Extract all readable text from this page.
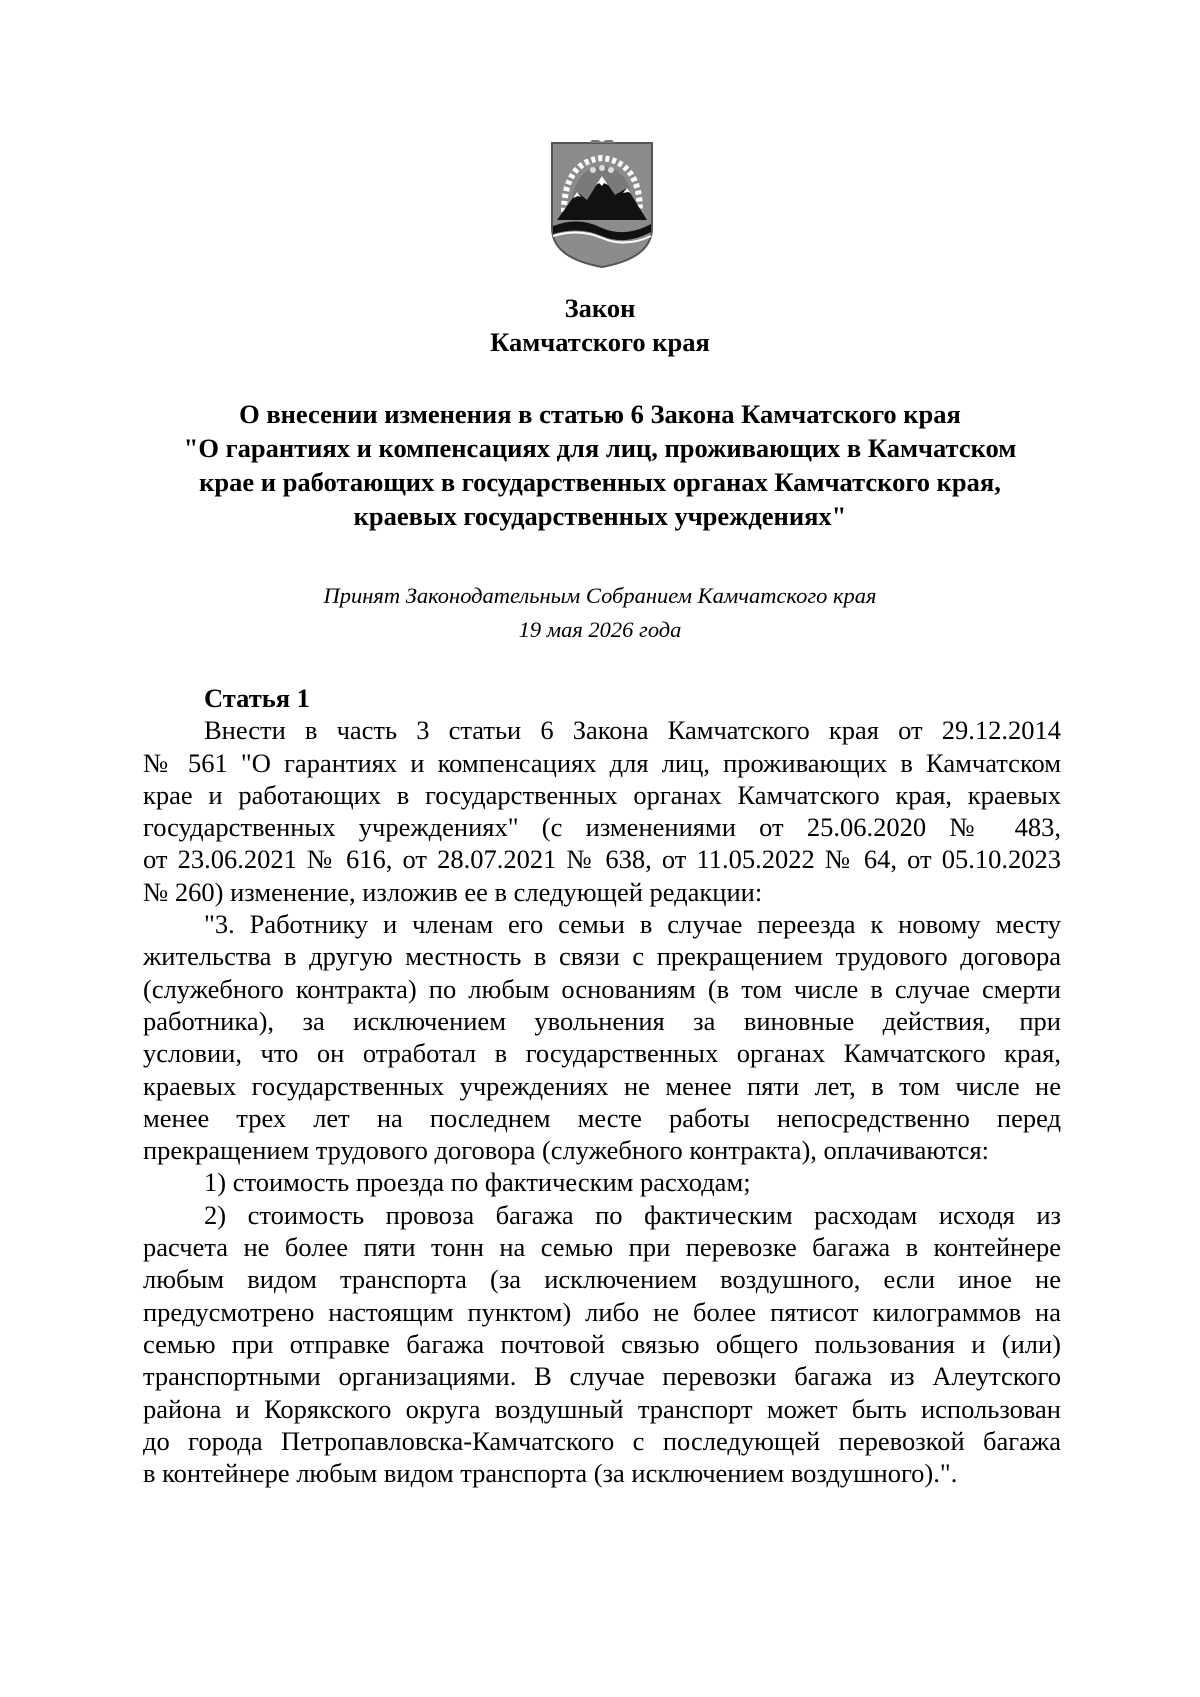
Закон
Камчатского края
О внесении изменения в статью 6 Закона Камчатского края
"О гарантиях и компенсациях для лиц, проживающих в Камчатском
крае и работающих в государственных органах Камчатского края,
краевых государственных учреждениях"
Принят Законодательным Собранием Камчатского края
19 мая 2026 года
Статья 1
Внести в часть 3 статьи 6 Закона Камчатского края от 29.12.2014
№ 561 "О гарантиях и компенсациях для лиц, проживающих в Камчатском
крае и работающих в государственных органах Камчатского края, краевых
государственных учреждениях" (с изменениями от 25.06.2020 № 483,
от 23.06.2021 № 616, от 28.07.2021 № 638, от 11.05.2022 № 64, от 05.10.2023
№ 260) изменение, изложив ее в следующей редакции:
"3. Работнику и членам его семьи в случае переезда к новому месту
жительства в другую местность в связи с прекращением трудового договора
(служебного контракта) по любым основаниям (в том числе в случае смерти
работника), за исключением увольнения за виновные действия, при
условии, что он отработал в государственных органах Камчатского края,
краевых государственных учреждениях не менее пяти лет, в том числе не
менее трех лет на последнем месте работы непосредственно перед
прекращением трудового договора (служебного контракта), оплачиваются:
1) стоимость проезда по фактическим расходам;
2) стоимость провоза багажа по фактическим расходам исходя из
расчета не более пяти тонн на семью при перевозке багажа в контейнере
любым видом транспорта (за исключением воздушного, если иное не
предусмотрено настоящим пунктом) либо не более пятисот килограммов на
семью при отправке багажа почтовой связью общего пользования и (или)
транспортными организациями. В случае перевозки багажа из Алеутского
района и Корякского округа воздушный транспорт может быть использован
до города Петропавловска-Камчатского с последующей перевозкой багажа
в контейнере любым видом транспорта (за исключением воздушного).".
